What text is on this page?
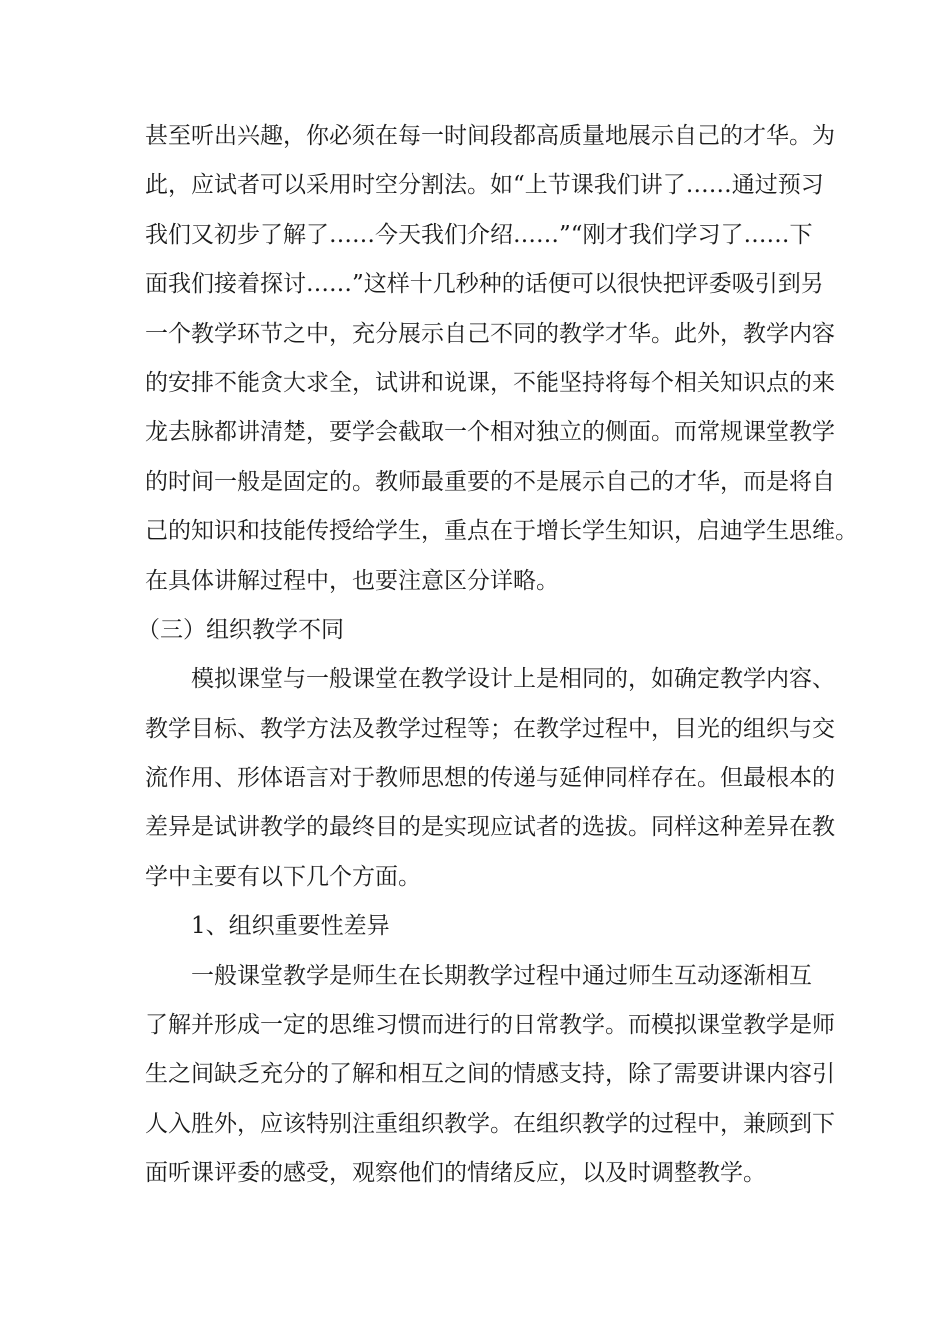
甚至听出兴趣，你必须在每一时间段都高质量地展示自己的才华。为
此，应试者可以采用时空分割法。如“上节课我们讲了……通过预习
我们又初步了解了……今天我们介绍……”“刚才我们学习了……下
面我们接着探讨……”这样十几秒种的话便可以很快把评委吸引到另
一个教学环节之中，充分展示自己不同的教学才华。此外，教学内容
的安排不能贪大求全，试讲和说课，不能坚持将每个相关知识点的来
龙去脉都讲清楚，要学会截取一个相对独立的侧面。而常规课堂教学
的时间一般是固定的。教师最重要的不是展示自己的才华，而是将自
己的知识和技能传授给学生，重点在于增长学生知识，启迪学生思维。
在具体讲解过程中，也要注意区分详略。
（三）组织教学不同
模拟课堂与一般课堂在教学设计上是相同的，如确定教学内容、
教学目标、教学方法及教学过程等；在教学过程中，目光的组织与交
流作用、形体语言对于教师思想的传递与延伸同样存在。但最根本的
差异是试讲教学的最终目的是实现应试者的选拔。同样这种差异在教
学中主要有以下几个方面。
1、组织重要性差异
一般课堂教学是师生在长期教学过程中通过师生互动逐渐相互
了解并形成一定的思维习惯而进行的日常教学。而模拟课堂教学是师
生之间缺乏充分的了解和相互之间的情感支持，除了需要讲课内容引
人入胜外，应该特别注重组织教学。在组织教学的过程中，兼顾到下
面听课评委的感受，观察他们的情绪反应，以及时调整教学。
